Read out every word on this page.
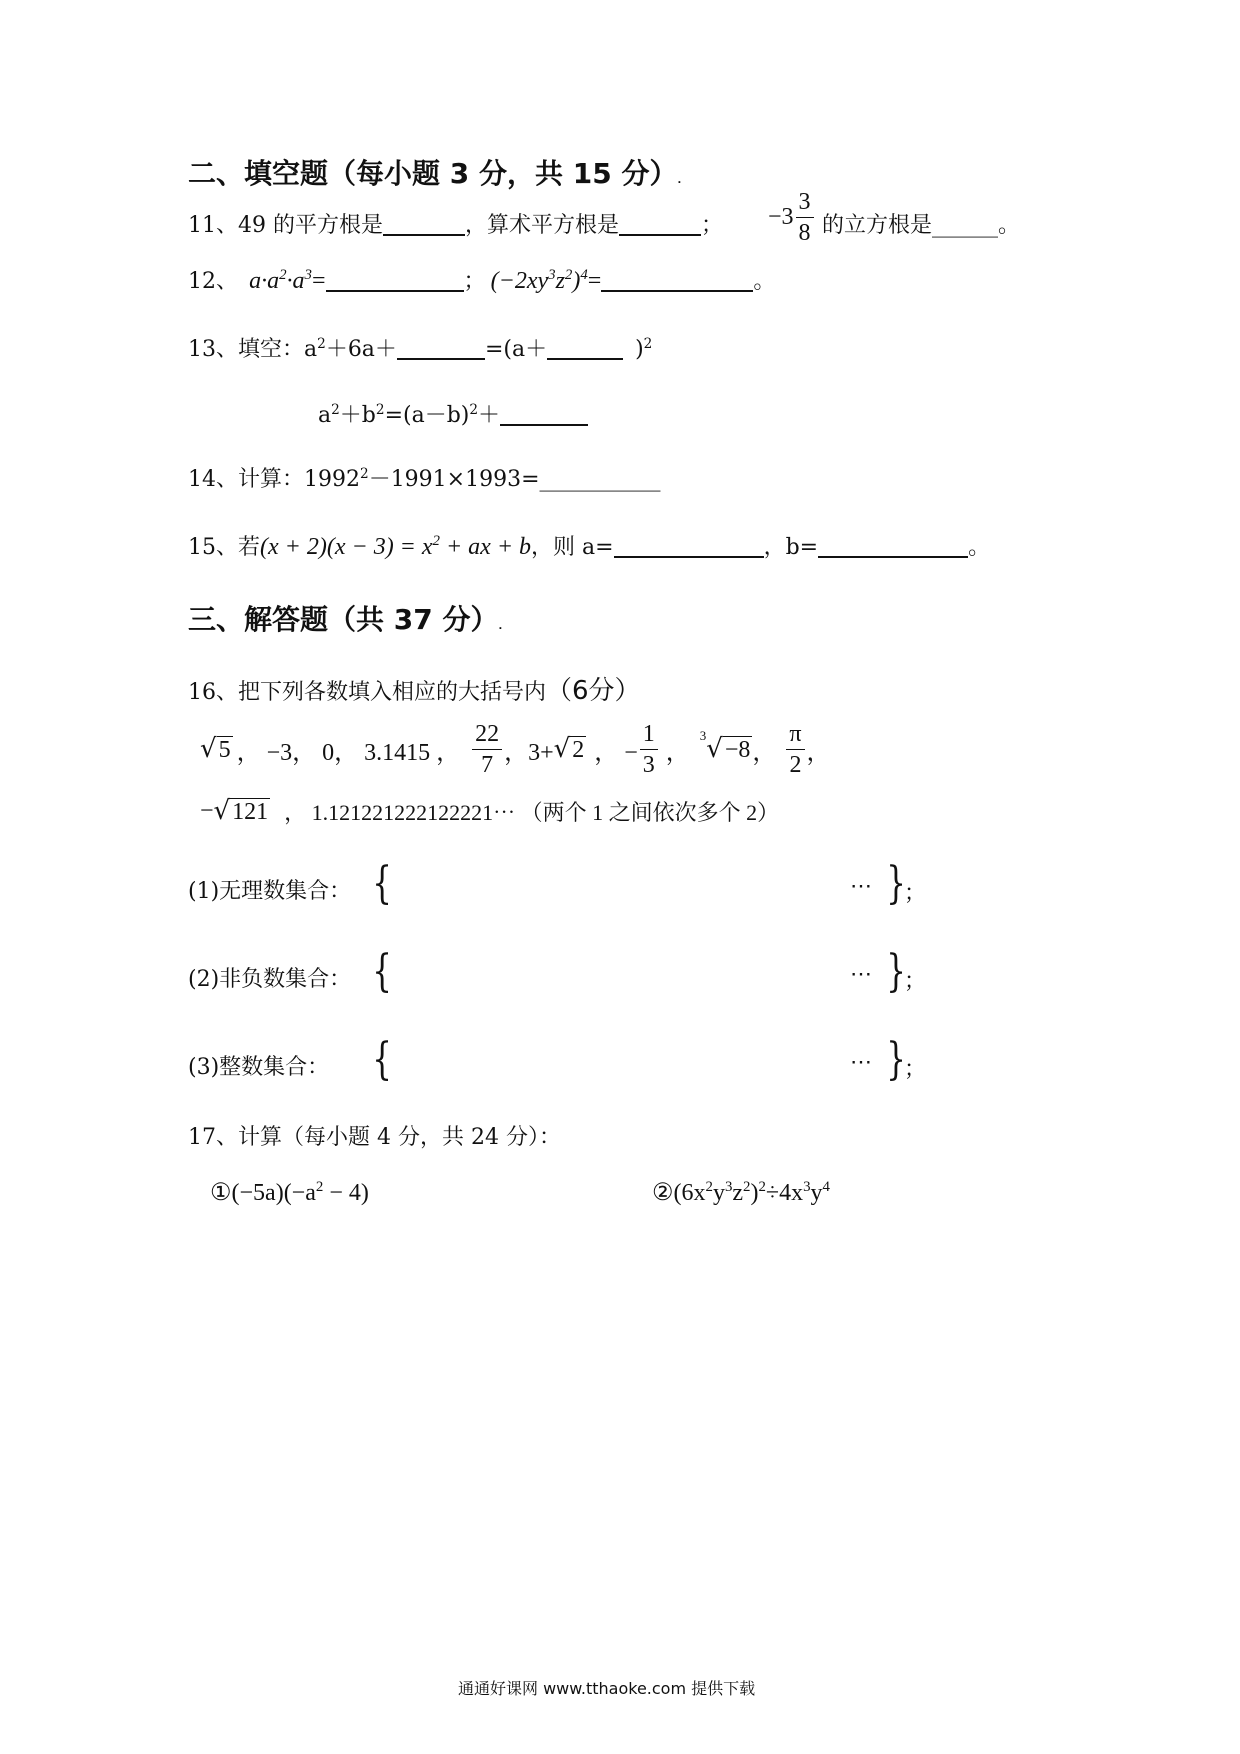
二、填空题（每小题 3 分，共 15 分）.
11、49 的平方根是	，算术平方根是	； $-3 \frac{3}{8}$ 的立方根是______。
12、 $a\cdot a^2\cdot a^3=$	； $(-2xy^3z^2)^4=$	。
13、填空：$a^2+6a+$	=(a＋	)$^2$
$a^2+b^2=(a-b)^2+$
14、计算：$1992^2-1991\times 1993=\_\_\_\_\_\_\_\_\_\_\_$
15、若$(x + 2)(x - 3) = x^2$ + ax + b，则 a=	，b=	。
三、解答题（共 37 分）.
16、把下列各数填入相应的大括号内（6分）
√ 5 ， −3， 0， 3.1415 ， $\frac{22}{7}$ ，3+ √ 2 ， − $\frac{1}{3}$ ，
3 √ −8 ， $\frac{\pi}{2}$ ，
− √ 121 ， 1.121221222122221⋯ （两个 1 之间依次多个 2）
(1)无理数集合： {	⋯ }
；
(2)非负数集合： {	⋯ }
；
(3)整数集合： {	⋯ }
；
17、计算（每小题 4 分，共 24 分）：
$①(-5a)(-a^2 - 4)$	$②(6x^2y^3z^2)^2\div 4x^3y^4$
通通好课网 www.tthaoke.com 提供下载
